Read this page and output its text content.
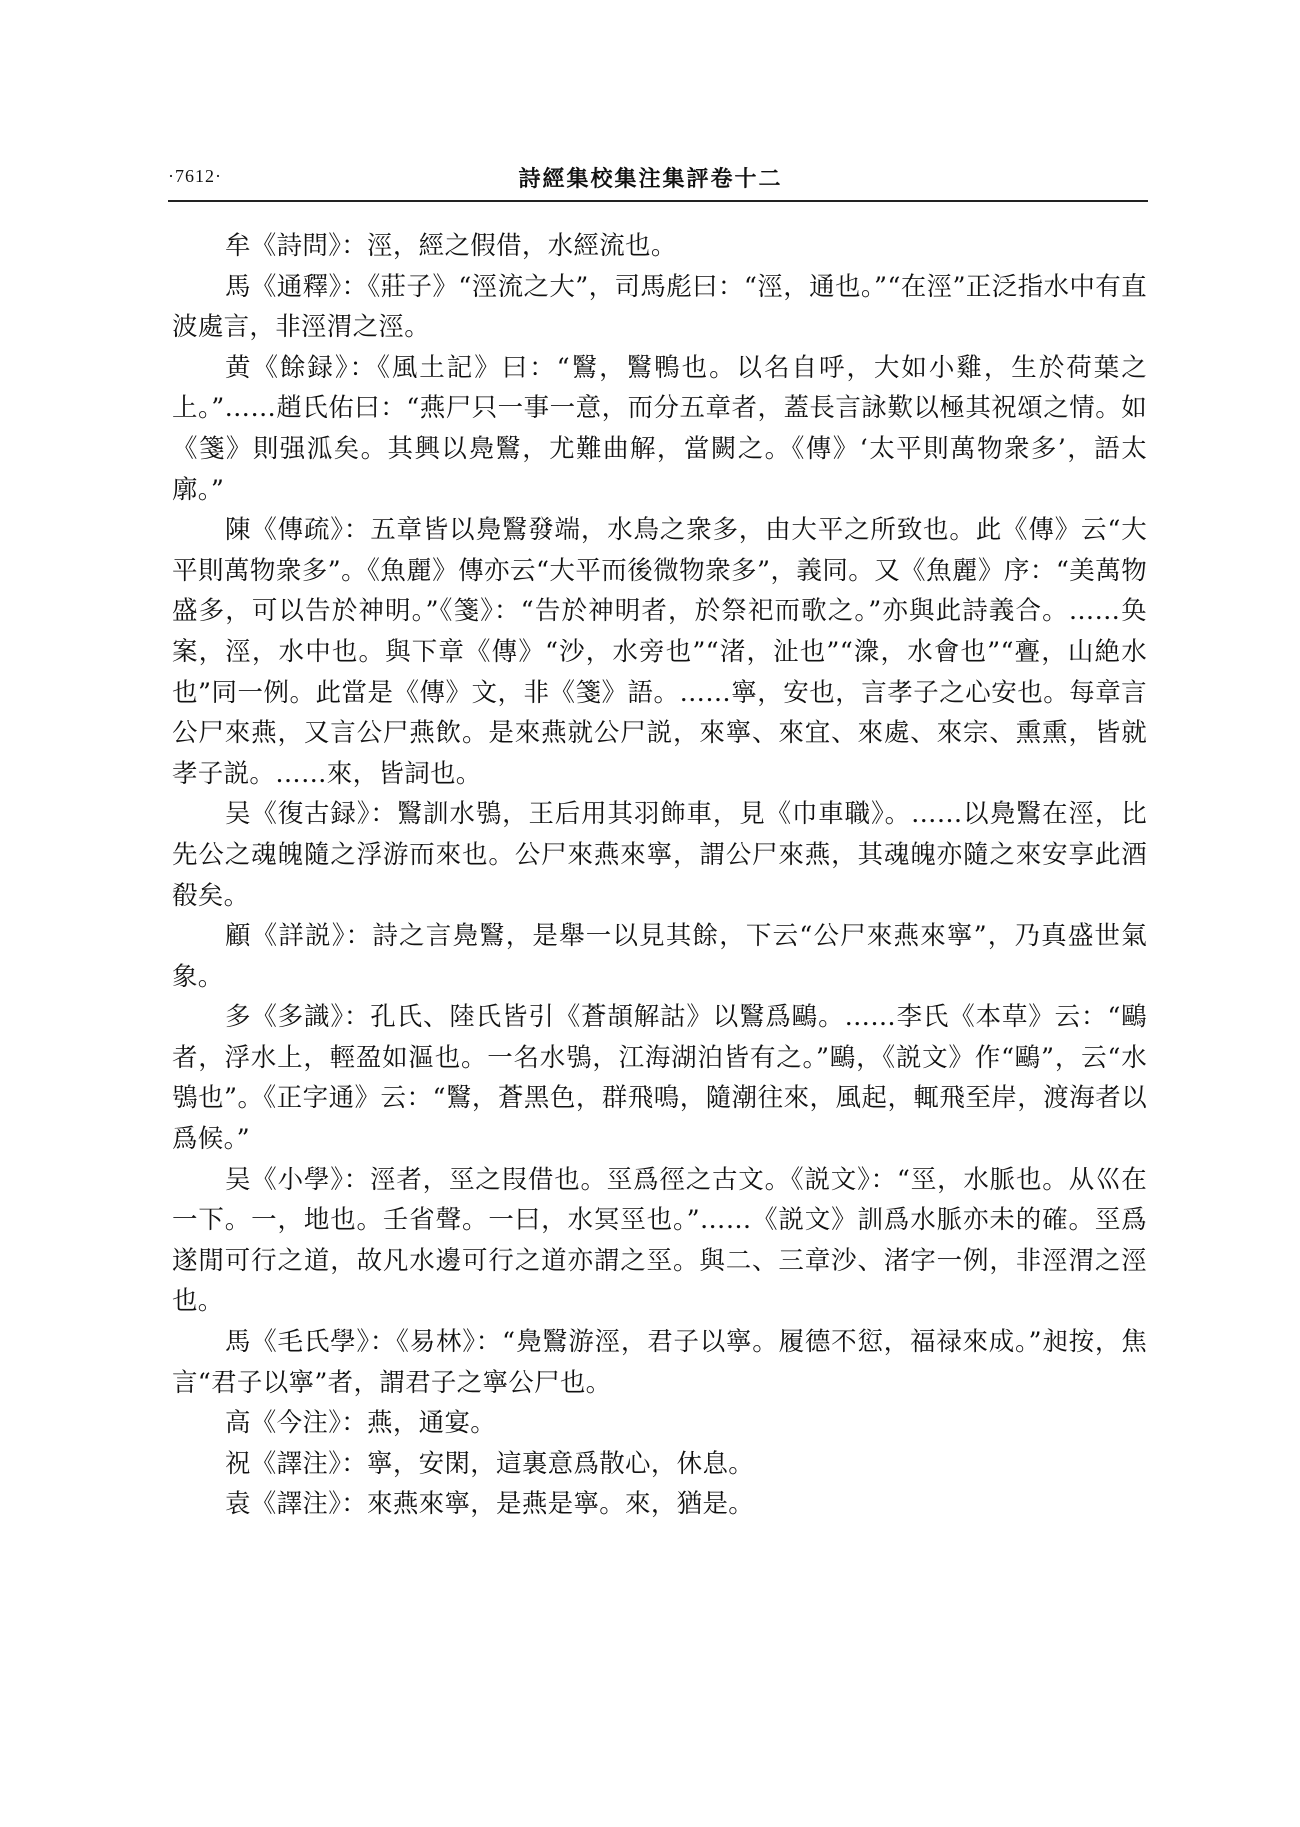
·7612·	詩經集校集注集評卷十二

牟《詩問》：涇，經之假借，水經流也。

馬《通釋》：《莊子》“涇流之大”，司馬彪曰：“涇，通也。”“在涇”正泛指水中有直波處言，非涇渭之涇。

黄《餘録》：《風土記》曰：“鷖，鷖鴨也。以名自呼，大如小雞，生於荷葉之上。”……趙氏佑曰：“燕尸只一事一意，而分五章者，蓋長言詠歎以極其祝頌之情。如《箋》則强泒矣。其興以鳧鷖，尤難曲解，當闕之。《傳》‘太平則萬物衆多’，語太廓。”

陳《傳疏》：五章皆以鳧鷖發端，水鳥之衆多，由大平之所致也。此《傳》云“大平則萬物衆多”。《魚麗》傳亦云“大平而後微物衆多”，義同。又《魚麗》序：“美萬物盛多，可以告於神明。”《箋》：“告於神明者，於祭祀而歌之。”亦與此詩義合。……奂案，涇，水中也。與下章《傳》“沙，水旁也”“渚，沚也”“潨，水會也”“亹，山絶水也”同一例。此當是《傳》文，非《箋》語。……寧，安也，言孝子之心安也。每章言公尸來燕，又言公尸燕飲。是來燕就公尸説，來寧、來宜、來處、來宗、熏熏，皆就孝子説。……來，皆詞也。

吴《復古録》：鷖訓水鴞，王后用其羽飾車，見《巾車職》。……以鳧鷖在涇，比先公之魂魄隨之浮游而來也。公尸來燕來寧，謂公尸來燕，其魂魄亦隨之來安享此酒殽矣。

顧《詳説》：詩之言鳧鷖，是舉一以見其餘，下云“公尸來燕來寧”，乃真盛世氣象。

多《多識》：孔氏、陸氏皆引《蒼頡解詁》以鷖爲鷗。……李氏《本草》云：“鷗者，浮水上，輕盈如漚也。一名水鴞，江海湖泊皆有之。”鷗，《説文》作“鷗”，云“水鴞也”。《正字通》云：“鷖，蒼黑色，群飛鳴，隨潮往來，風起，輒飛至岸，渡海者以爲候。”

吴《小學》：涇者，巠之叚借也。巠爲徑之古文。《説文》：“巠，水脈也。从巛在一下。一，地也。壬省聲。一曰，水冥巠也。”……《説文》訓爲水脈亦未的確。巠爲遂閒可行之道，故凡水邊可行之道亦謂之巠。與二、三章沙、渚字一例，非涇渭之涇也。

馬《毛氏學》：《易林》：“鳧鷖游涇，君子以寧。履德不愆，福禄來成。”昶按，焦言“君子以寧”者，謂君子之寧公尸也。

高《今注》：燕，通宴。

祝《譯注》：寧，安閑，這裏意爲散心，休息。

袁《譯注》：來燕來寧，是燕是寧。來，猶是。
